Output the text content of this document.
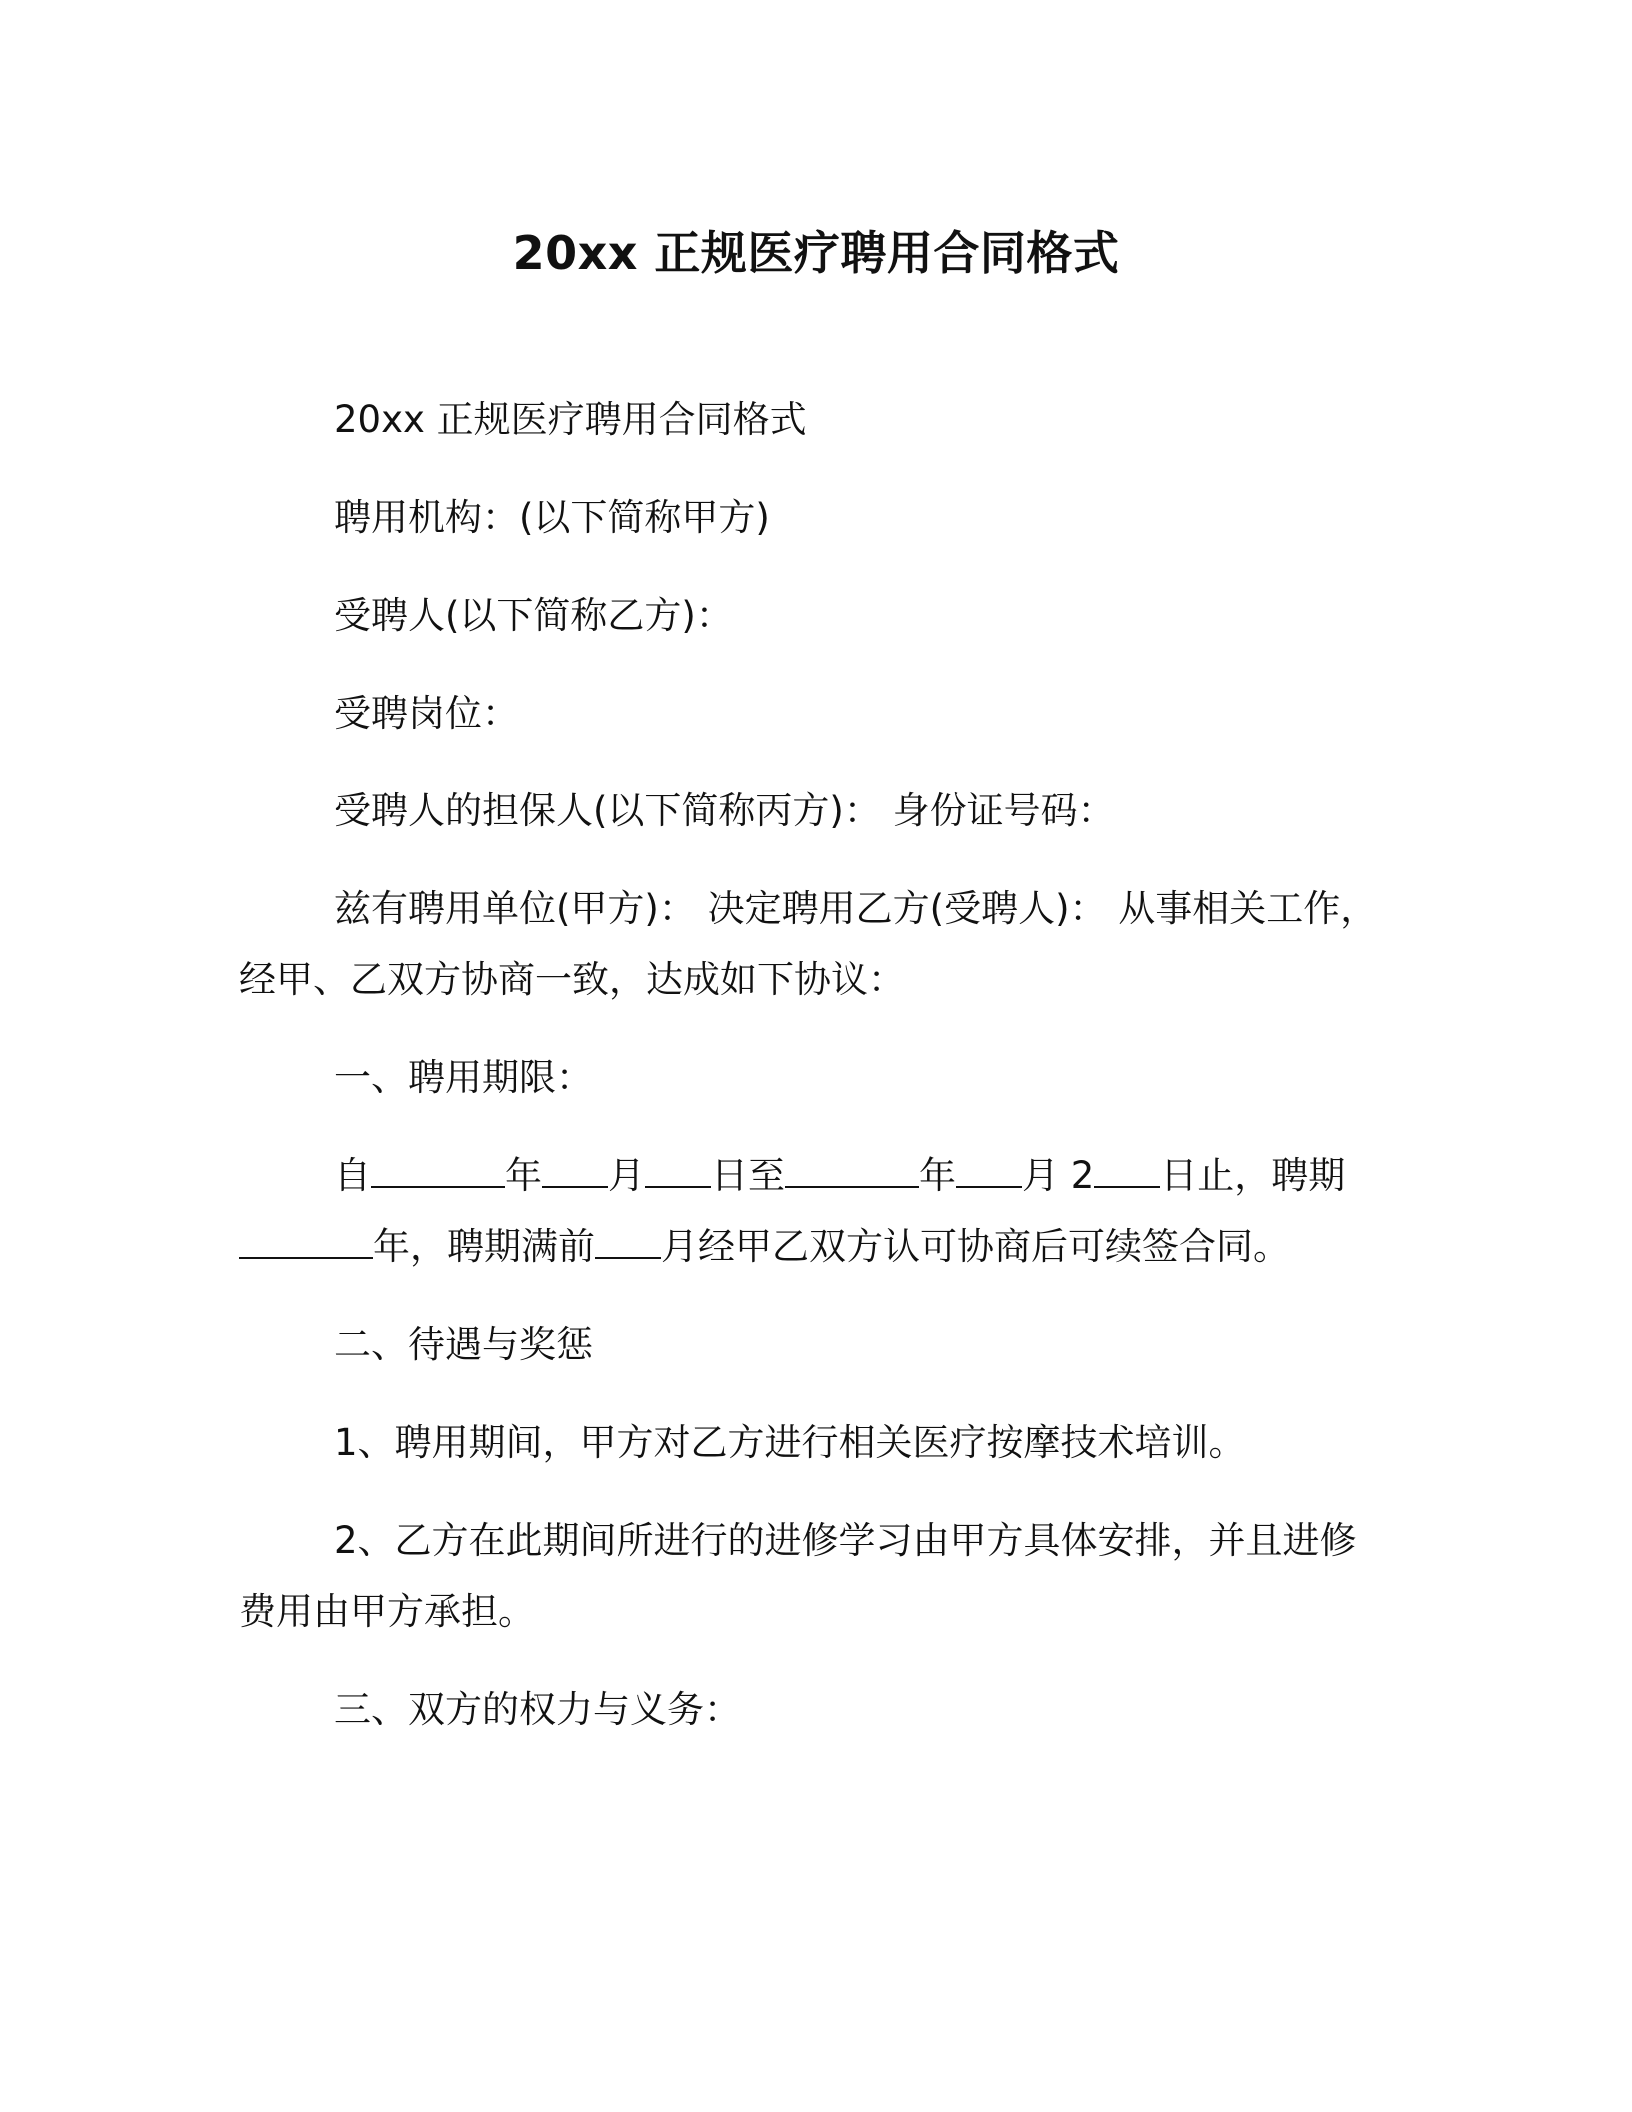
20xx 正规医疗聘用合同格式
20xx 正规医疗聘用合同格式
聘用机构：(以下简称甲方)
受聘人(以下简称乙方)：
受聘岗位：
受聘人的担保人(以下简称丙方)： 身份证号码：
兹有聘用单位(甲方)： 决定聘用乙方(受聘人)： 从事相关工作，
经甲、乙双方协商一致，达成如下协议：
一、聘用期限：
自	年 月 日至	年 月 2 日止，聘期
年，聘期满前 月经甲乙双方认可协商后可续签合同。
二、待遇与奖惩
1、聘用期间，甲方对乙方进行相关医疗按摩技术培训。
2、乙方在此期间所进行的进修学习由甲方具体安排，并且进修
费用由甲方承担。
三、双方的权力与义务：
